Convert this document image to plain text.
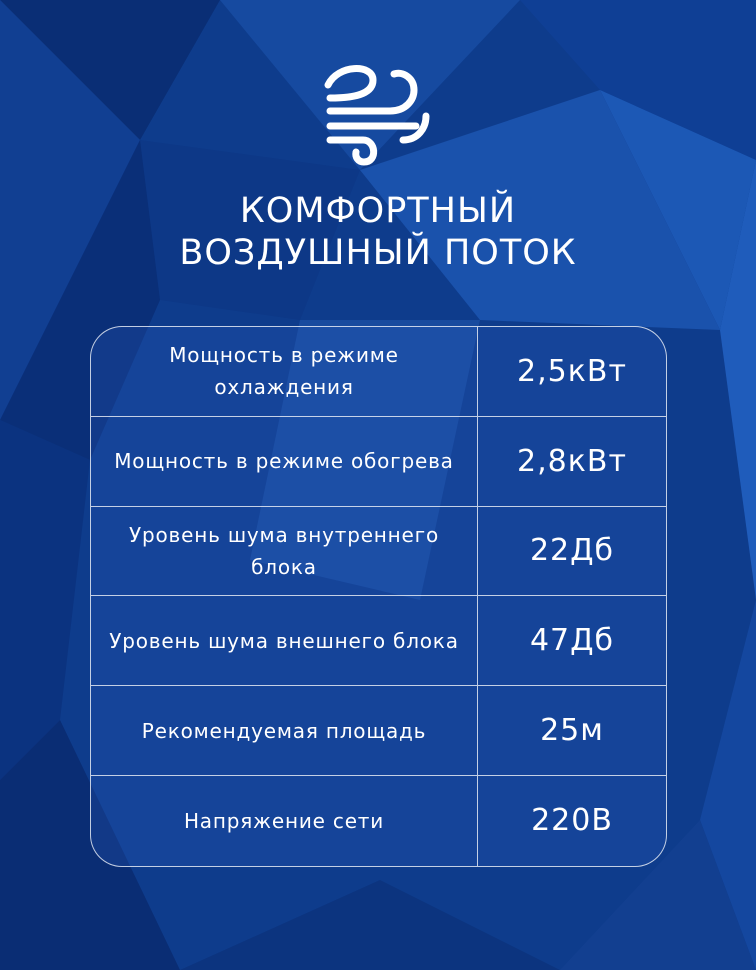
КОМФОРТНЫЙ
ВОЗДУШНЫЙ ПОТОК
Мощность в режиме охлаждения	2,5кВт
Мощность в режиме обогрева	2,8кВт
Уровень шума внутреннего блока	22Дб
Уровень шума внешнего блока	47Дб
Рекомендуемая площадь	25м
Напряжение сети	220В
